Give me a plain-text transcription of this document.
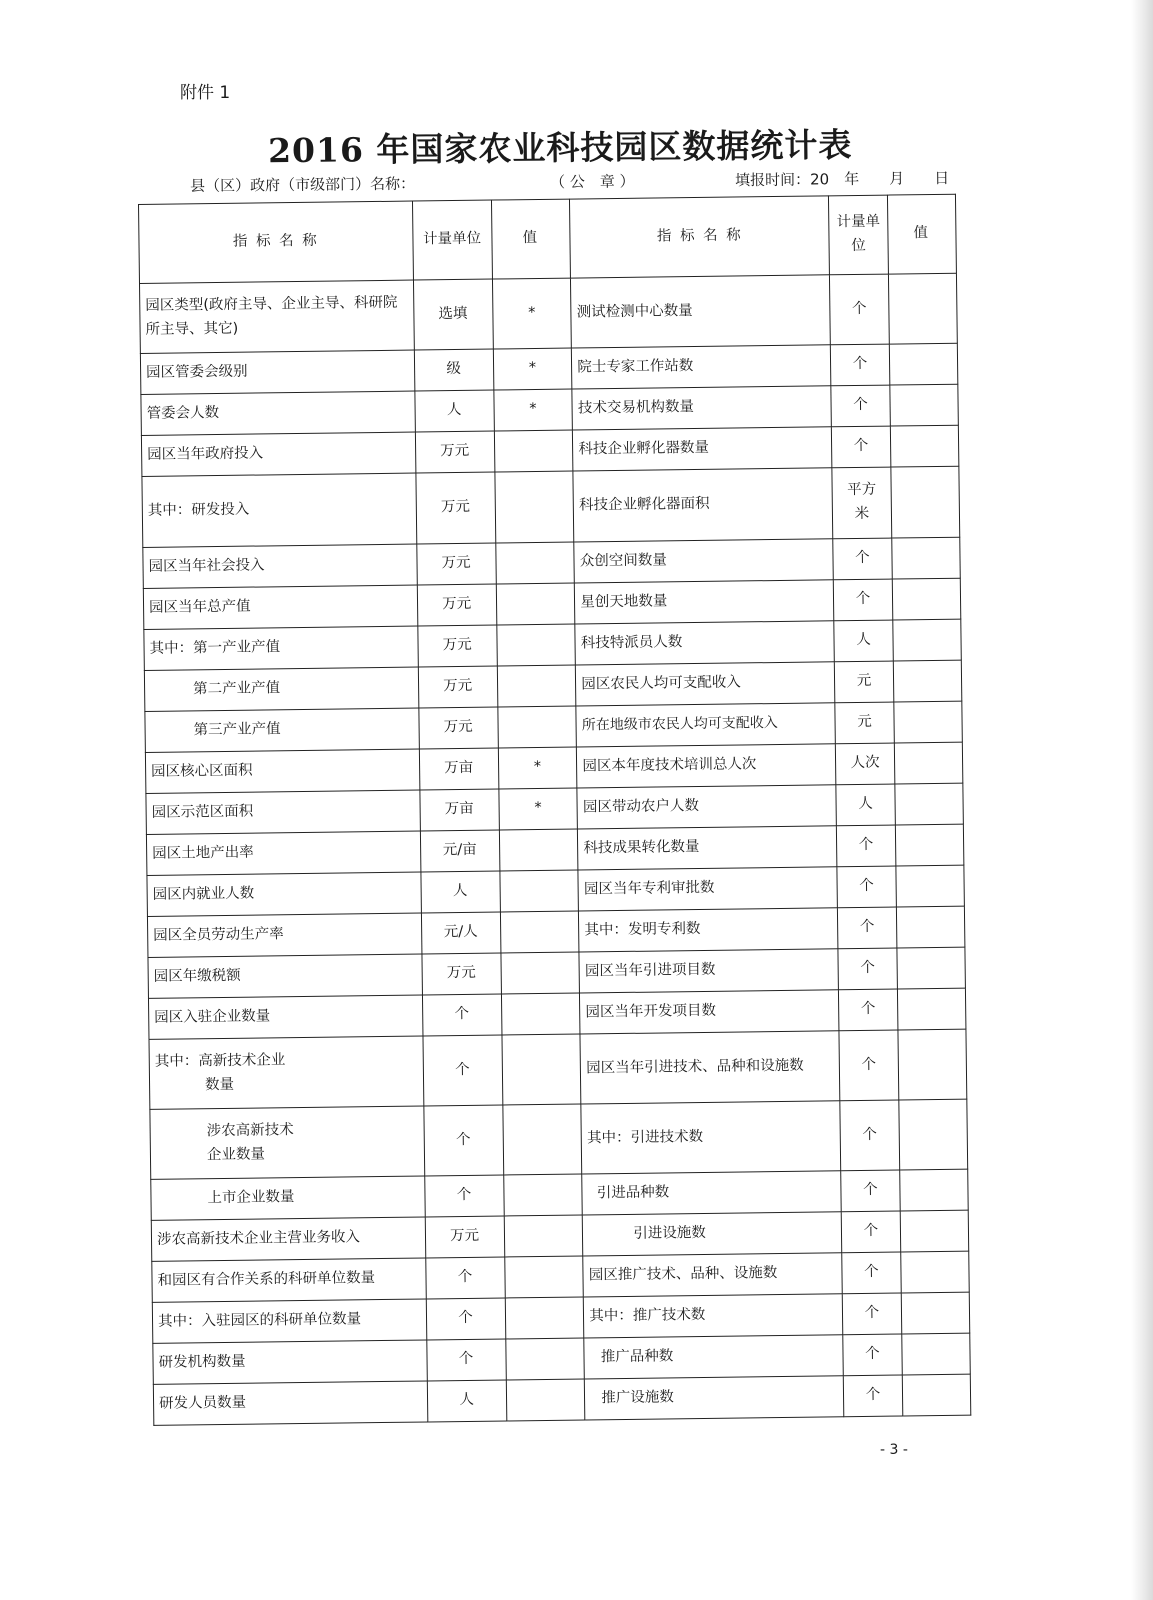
附件 1
2016 年国家农业科技园区数据统计表
县（区）政府（市级部门）名称：	（ 公　章 ）	填报时间：20　年　　月　　日
指 标 名 称	计量单位	值	指 标 名 称	计量单位	值
园区类型(政府主导、企业主导、科研院所主导、其它)	选填	*	测试检测中心数量	个	
园区管委会级别	级	*	院士专家工作站数	个	
管委会人数	人	*	技术交易机构数量	个	
园区当年政府投入	万元		科技企业孵化器数量	个	
其中：研发投入	万元		科技企业孵化器面积	平方米	
园区当年社会投入	万元		众创空间数量	个	
园区当年总产值	万元		星创天地数量	个	
其中：第一产业产值	万元		科技特派员人数	人	
第二产业产值	万元		园区农民人均可支配收入	元	
第三产业产值	万元		所在地级市农民人均可支配收入	元	
园区核心区面积	万亩	*	园区本年度技术培训总人次	人次	
园区示范区面积	万亩	*	园区带动农户人数	人	
园区土地产出率	元/亩		科技成果转化数量	个	
园区内就业人数	人		园区当年专利审批数	个	
园区全员劳动生产率	元/人		其中：发明专利数	个	
园区年缴税额	万元		园区当年引进项目数	个	
园区入驻企业数量	个		园区当年开发项目数	个	

其中：高新技术企业
数量	个		园区当年引进技术、品种和设施数	个	

涉农高新技术
企业数量	个		其中：引进技术数	个	
上市企业数量	个		引进品种数	个	
涉农高新技术企业主营业务收入	万元		引进设施数	个	
和园区有合作关系的科研单位数量	个		园区推广技术、品种、设施数	个	
其中：入驻园区的科研单位数量	个		其中：推广技术数	个	
研发机构数量	个		推广品种数	个	
研发人员数量	人		推广设施数	个	
- 3 -
